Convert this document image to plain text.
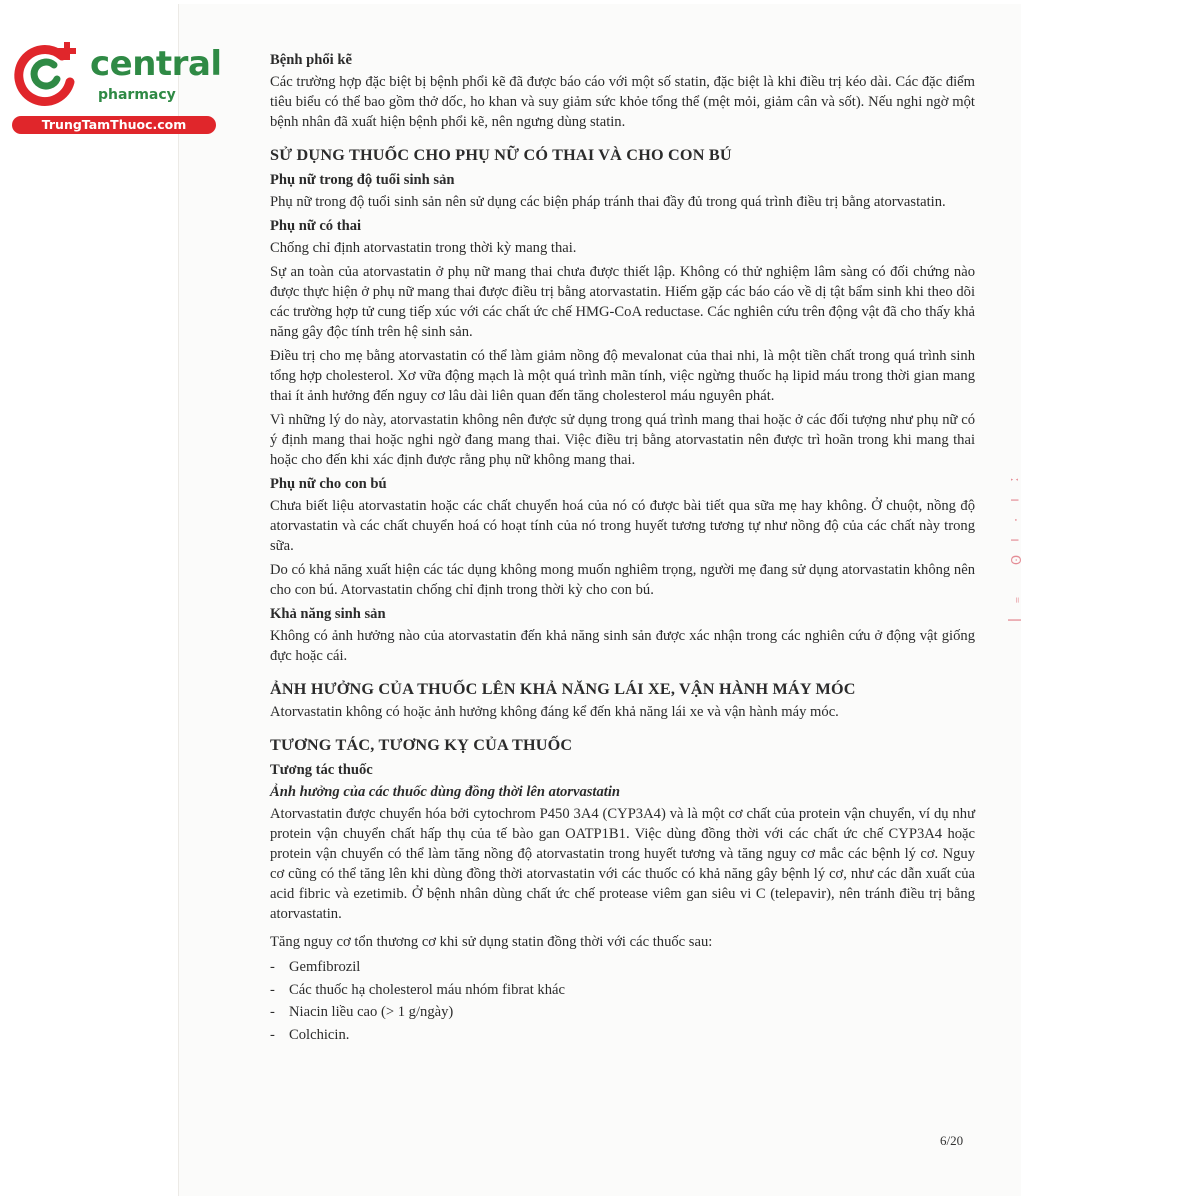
central
pharmacy
TrungTamThuoc.com
Bệnh phổi kẽ

Các trường hợp đặc biệt bị bệnh phổi kẽ đã được báo cáo với một số statin, đặc biệt là khi điều trị kéo dài. Các đặc điểm tiêu biểu có thể bao gồm thở dốc, ho khan và suy giảm sức khỏe tổng thể (mệt mỏi, giảm cân và sốt). Nếu nghi ngờ một bệnh nhân đã xuất hiện bệnh phổi kẽ, nên ngưng dùng statin.

SỬ DỤNG THUỐC CHO PHỤ NỮ CÓ THAI VÀ CHO CON BÚ
Phụ nữ trong độ tuổi sinh sản

Phụ nữ trong độ tuổi sinh sản nên sử dụng các biện pháp tránh thai đầy đủ trong quá trình điều trị bằng atorvastatin.

Phụ nữ có thai

Chống chỉ định atorvastatin trong thời kỳ mang thai.

Sự an toàn của atorvastatin ở phụ nữ mang thai chưa được thiết lập. Không có thử nghiệm lâm sàng có đối chứng nào được thực hiện ở phụ nữ mang thai được điều trị bằng atorvastatin. Hiếm gặp các báo cáo về dị tật bẩm sinh khi theo dõi các trường hợp tử cung tiếp xúc với các chất ức chế HMG-CoA reductase. Các nghiên cứu trên động vật đã cho thấy khả năng gây độc tính trên hệ sinh sản.

Điều trị cho mẹ bằng atorvastatin có thể làm giảm nồng độ mevalonat của thai nhi, là một tiền chất trong quá trình sinh tổng hợp cholesterol. Xơ vữa động mạch là một quá trình mãn tính, việc ngừng thuốc hạ lipid máu trong thời gian mang thai ít ảnh hưởng đến nguy cơ lâu dài liên quan đến tăng cholesterol máu nguyên phát.

Vì những lý do này, atorvastatin không nên được sử dụng trong quá trình mang thai hoặc ở các đối tượng như phụ nữ có ý định mang thai hoặc nghi ngờ đang mang thai. Việc điều trị bằng atorvastatin nên được trì hoãn trong khi mang thai hoặc cho đến khi xác định được rằng phụ nữ không mang thai.

Phụ nữ cho con bú

Chưa biết liệu atorvastatin hoặc các chất chuyển hoá của nó có được bài tiết qua sữa mẹ hay không. Ở chuột, nồng độ atorvastatin và các chất chuyển hoá có hoạt tính của nó trong huyết tương tương tự như nồng độ của các chất này trong sữa.

Do có khả năng xuất hiện các tác dụng không mong muốn nghiêm trọng, người mẹ đang sử dụng atorvastatin không nên cho con bú. Atorvastatin chống chỉ định trong thời kỳ cho con bú.

Khả năng sinh sản

Không có ảnh hưởng nào của atorvastatin đến khả năng sinh sản được xác nhận trong các nghiên cứu ở động vật giống đực hoặc cái.

ẢNH HƯỞNG CỦA THUỐC LÊN KHẢ NĂNG LÁI XE, VẬN HÀNH MÁY MÓC

Atorvastatin không có hoặc ảnh hưởng không đáng kể đến khả năng lái xe và vận hành máy móc.

TƯƠNG TÁC, TƯƠNG KỴ CỦA THUỐC
Tương tác thuốc
Ảnh hưởng của các thuốc dùng đồng thời lên atorvastatin

Atorvastatin được chuyển hóa bởi cytochrom P450 3A4 (CYP3A4) và là một cơ chất của protein vận chuyển, ví dụ như protein vận chuyển chất hấp thụ của tế bào gan OATP1B1. Việc dùng đồng thời với các chất ức chế CYP3A4 hoặc protein vận chuyển có thể làm tăng nồng độ atorvastatin trong huyết tương và tăng nguy cơ mắc các bệnh lý cơ. Nguy cơ cũng có thể tăng lên khi dùng đồng thời atorvastatin với các thuốc có khả năng gây bệnh lý cơ, như các dẫn xuất của acid fibric và ezetimib. Ở bệnh nhân dùng chất ức chế protease viêm gan siêu vi C (telepavir), nên tránh điều trị bằng atorvastatin.

Tăng nguy cơ tổn thương cơ khi sử dụng statin đồng thời với các thuốc sau:

- Gemfibrozil
- Các thuốc hạ cholesterol máu nhóm fibrat khác
- Niacin liều cao (> 1 g/ngày)
- Colchicin.
6/20
ː
ı
·
ı
ʘ
⁼
ǀ
